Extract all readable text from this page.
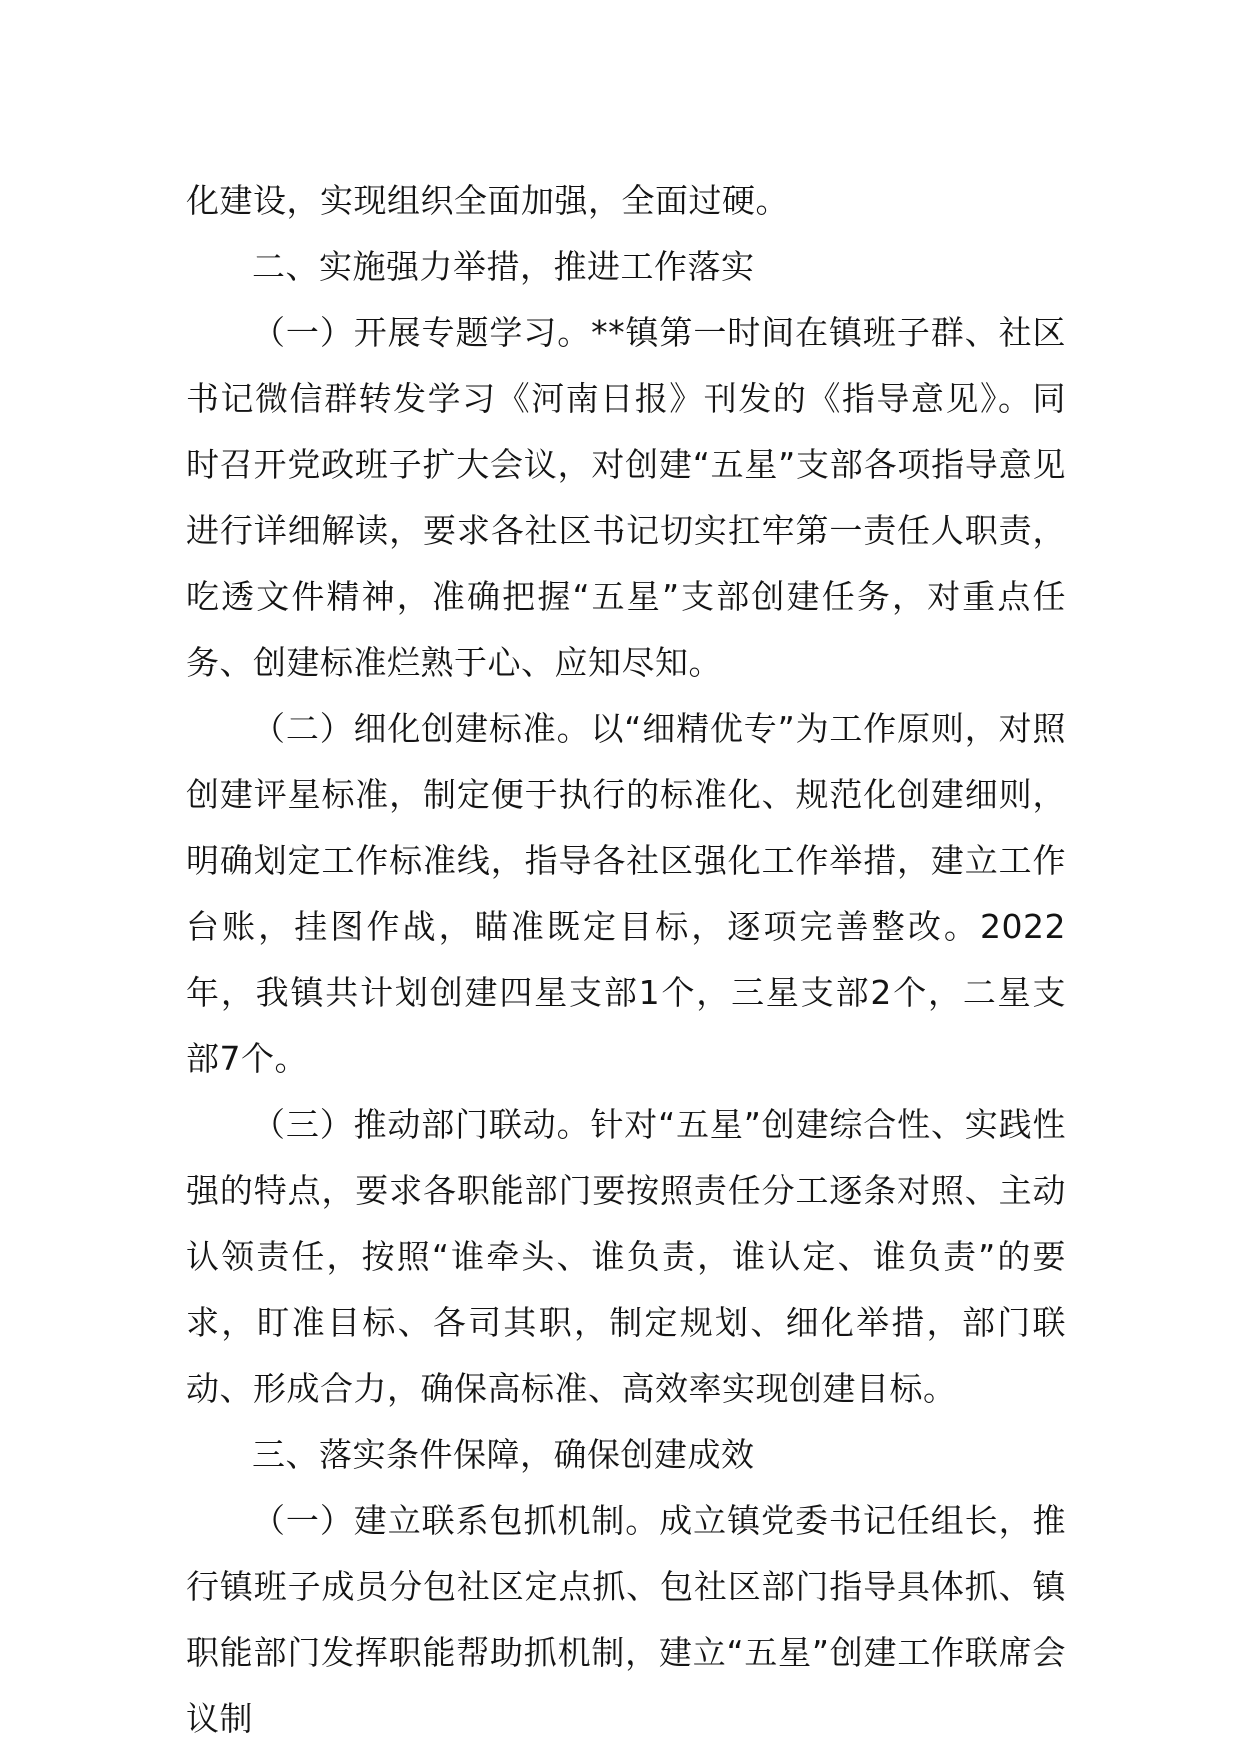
化建设，实现组织全面加强，全面过硬。

二、实施强力举措，推进工作落实

（一）开展专题学习。**镇第一时间在镇班子群、社区书记微信群转发学习《河南日报》刊发的《指导意见》。同时召开党政班子扩大会议，对创建“五星”支部各项指导意见进行详细解读，要求各社区书记切实扛牢第一责任人职责，吃透文件精神，准确把握“五星”支部创建任务，对重点任务、创建标准烂熟于心、应知尽知。

（二）细化创建标准。以“细精优专”为工作原则，对照创建评星标准，制定便于执行的标准化、规范化创建细则，明确划定工作标准线，指导各社区强化工作举措，建立工作台账，挂图作战，瞄准既定目标，逐项完善整改。2022年，我镇共计划创建四星支部1个，三星支部2个，二星支部7个。

（三）推动部门联动。针对“五星”创建综合性、实践性强的特点，要求各职能部门要按照责任分工逐条对照、主动认领责任，按照“谁牵头、谁负责，谁认定、谁负责”的要求，盯准目标、各司其职，制定规划、细化举措，部门联动、形成合力，确保高标准、高效率实现创建目标。

三、落实条件保障，确保创建成效

（一）建立联系包抓机制。成立镇党委书记任组长，推行镇班子成员分包社区定点抓、包社区部门指导具体抓、镇职能部门发挥职能帮助抓机制，建立“五星”创建工作联席会议制
